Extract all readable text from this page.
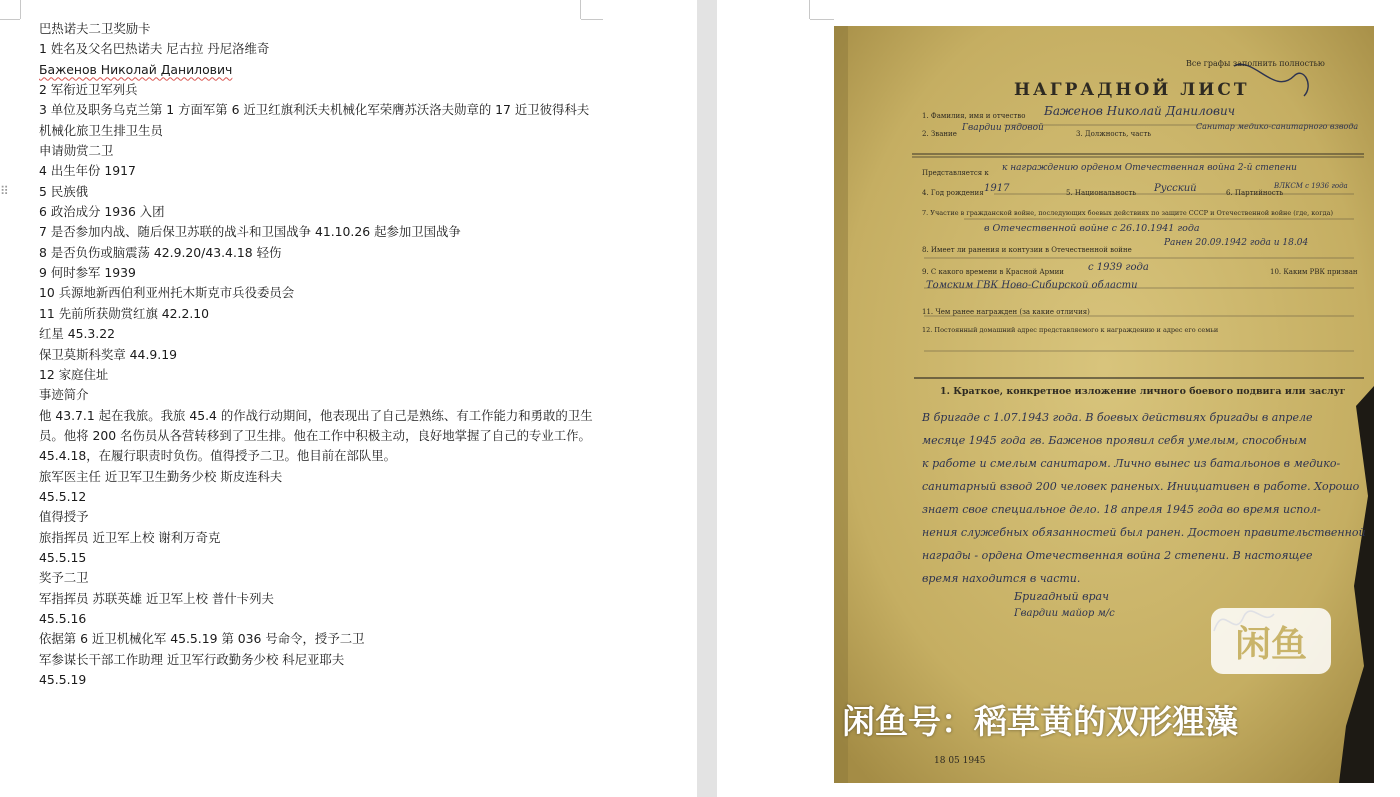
⠿
巴热诺夫二卫奖励卡
1 姓名及父名巴热诺夫 尼古拉 丹尼洛维奇
Баженов Николай Данилович
2 军衔近卫军列兵
3 单位及职务乌克兰第 1 方面军第 6 近卫红旗利沃夫机械化军荣膺苏沃洛夫勋章的 17 近卫彼得科夫机械化旅卫生排卫生员
申请勋赏二卫
4 出生年份 1917
5 民族俄
6 政治成分 1936 入团
7 是否参加内战、随后保卫苏联的战斗和卫国战争 41.10.26 起参加卫国战争
8 是否负伤或脑震荡 42.9.20/43.4.18 轻伤
9 何时参军 1939
10 兵源地新西伯利亚州托木斯克市兵役委员会
11 先前所获勋赏红旗 42.2.10
红星 45.3.22
保卫莫斯科奖章 44.9.19
12 家庭住址
事迹简介
他 43.7.1 起在我旅。我旅 45.4 的作战行动期间，他表现出了自己是熟练、有工作能力和勇敢的卫生员。他将 200 名伤员从各营转移到了卫生排。他在工作中积极主动，良好地掌握了自己的专业工作。45.4.18，在履行职责时负伤。值得授予二卫。他目前在部队里。
旅军医主任 近卫军卫生勤务少校 斯皮连科夫
45.5.12
值得授予
旅指挥员 近卫军上校 谢利万奇克
45.5.15
奖予二卫
军指挥员 苏联英雄 近卫军上校 普什卡列夫
45.5.16
依据第 6 近卫机械化军 45.5.19 第 036 号命令，授予二卫
军参谋长干部工作助理 近卫军行政勤务少校 科尼亚耶夫
45.5.19
Все графы заполнить полностью
НАГРАДНОЙ ЛИСТ
1. Фамилия, имя и отчество Баженов Николай Данилович
2. Звание
Гвардии рядовой
3. Должность, часть
Санитар медико-санитарного взвода
Представляется к к награждению орденом Отечественная война 2-й степени
4. Год рождения 1917	5. Национальность Русский	6. Партийность
ВЛКСМ с 1936 года
7. Участие в гражданской войне, последующих боевых действиях по защите СССР и Отечественной войне (где, когда)
в Отечественной войне с 26.10.1941 года
8. Имеет ли ранения и контузии в Отечественной войне
Ранен 20.09.1942 года и 18.04
9. С какого времени в Красной Армии с 1939 года	10. Каким РВК призван
Томским ГВК Ново-Сибирской области
11. Чем ранее награжден (за какие отличия)
12. Постоянный домашний адрес представляемого к награждению и адрес его семьи
1. Краткое, конкретное изложение личного боевого подвига или заслуг
В бригаде с 1.07.1943 года. В боевых действиях бригады в апреле
месяце 1945 года гв. Баженов проявил себя умелым, способным
к работе и смелым санитаром. Лично вынес из батальонов в медико-
санитарный взвод 200 человек раненых. Инициативен в работе. Хорошо
знает свое специальное дело. 18 апреля 1945 года во время испол-
нения служебных обязанностей был ранен. Достоен правительственной
награды - ордена Отечественная война 2 степени. В настоящее
время находится в части.
Бригадный врач
Гвардии майор м/с
18 05 1945
闲鱼
闲鱼号：稻草黄的双形狸藻
